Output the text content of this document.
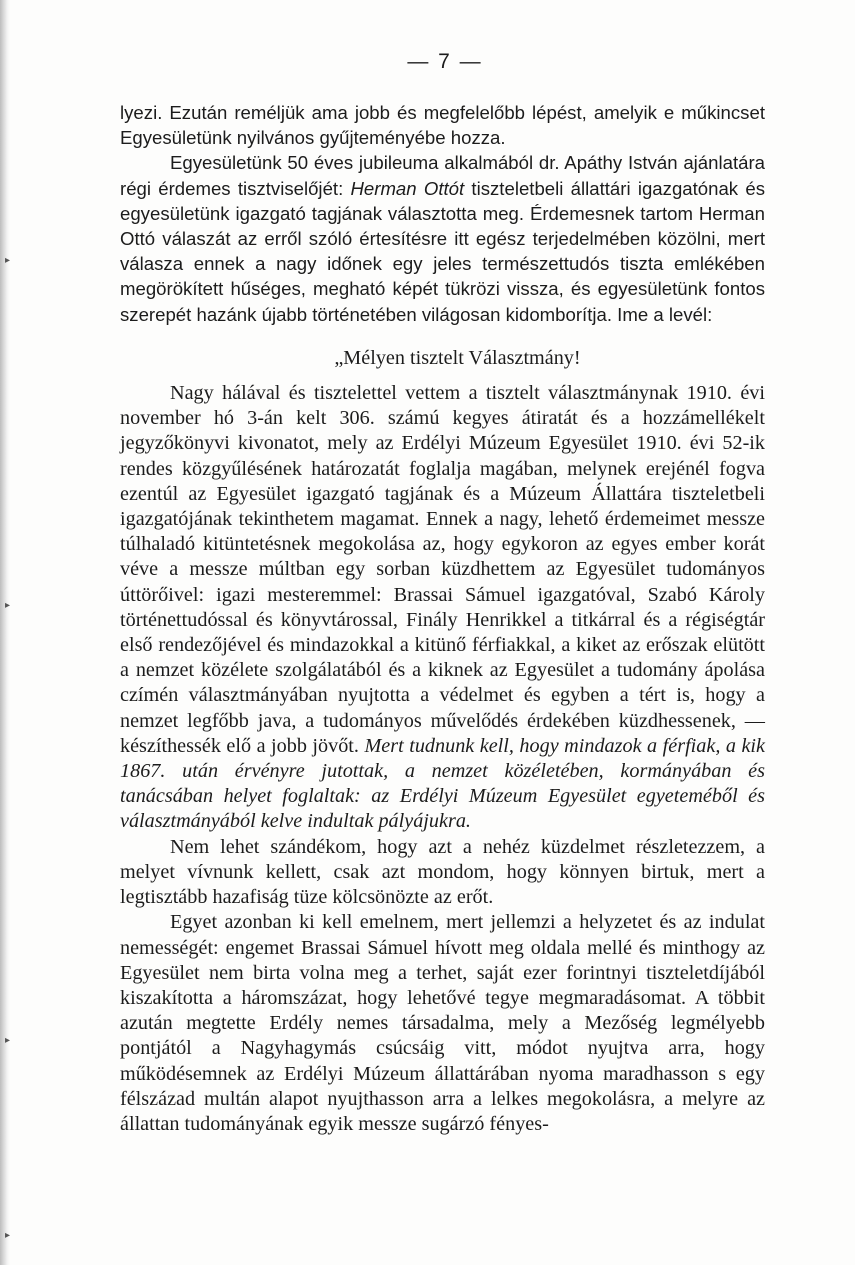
▸
▸
▸
▸
— 7 —

lyezi. Ezután reméljük ama jobb és megfelelőbb lépést, amelyik e műkincset Egyesületünk nyilvános gyűjteményébe hozza.

Egyesületünk 50 éves jubileuma alkalmából dr. Apáthy István ajánlatára régi érdemes tisztviselőjét: Herman Ottót tiszteletbeli állattári igazgatónak és egyesületünk igazgató tagjának választotta meg. Érdemesnek tartom Herman Ottó válaszát az erről szóló értesítésre itt egész terjedelmében közölni, mert válasza ennek a nagy időnek egy jeles természettudós tiszta emlékében megörökített hűséges, megható képét tükrözi vissza, és egyesületünk fontos szerepét hazánk újabb történetében világosan kidomborítja. Ime a levél:

„Mélyen tisztelt Választmány!

Nagy hálával és tisztelettel vettem a tisztelt választmánynak 1910. évi november hó 3-án kelt 306. számú kegyes átiratát és a hozzámellékelt jegyzőkönyvi kivonatot, mely az Erdélyi Múzeum Egyesület 1910. évi 52-ik rendes közgyűlésének határozatát foglalja magában, melynek erejénél fogva ezentúl az Egyesület igazgató tagjának és a Múzeum Állattára tiszteletbeli igazgatójának tekinthetem magamat. Ennek a nagy, lehető érdemeimet messze túlhaladó kitüntetésnek megokolása az, hogy egykoron az egyes ember korát véve a messze múltban egy sorban küzdhettem az Egyesület tudományos úttörőivel: igazi mesteremmel: Brassai Sámuel igazgatóval, Szabó Károly történettudóssal és könyvtárossal, Finály Henrikkel a titkárral és a régiségtár első rendezőjével és mindazokkal a kitünő férfiakkal, a kiket az erőszak elütött a nemzet közélete szolgálatából és a kiknek az Egyesület a tudomány ápolása czímén választmányában nyujtotta a védelmet és egyben a tért is, hogy a nemzet legfőbb java, a tudományos művelődés érdekében küzdhessenek, — készíthessék elő a jobb jövőt. Mert tudnunk kell, hogy mindazok a férfiak, a kik 1867. után érvényre jutottak, a nemzet közéletében, kormányában és tanácsában helyet foglaltak: az Erdélyi Múzeum Egyesület egyeteméből és választmányából kelve indultak pályájukra.

Nem lehet szándékom, hogy azt a nehéz küzdelmet részletezzem, a melyet vívnunk kellett, csak azt mondom, hogy könnyen birtuk, mert a legtisztább hazafiság tüze kölcsönözte az erőt.

Egyet azonban ki kell emelnem, mert jellemzi a helyzetet és az indulat nemességét: engemet Brassai Sámuel hívott meg oldala mellé és minthogy az Egyesület nem birta volna meg a terhet, saját ezer forintnyi tiszteletdíjából kiszakította a háromszázat, hogy lehetővé tegye megmaradásomat. A többit azután megtette Erdély nemes társadalma, mely a Mezőség legmélyebb pontjától a Nagyhagymás csúcsáig vitt, módot nyujtva arra, hogy működésemnek az Erdélyi Múzeum állattárában nyoma maradhasson s egy félszázad multán alapot nyujthasson arra a lelkes megokolásra, a melyre az állattan tudományának egyik messze sugárzó fényes-
